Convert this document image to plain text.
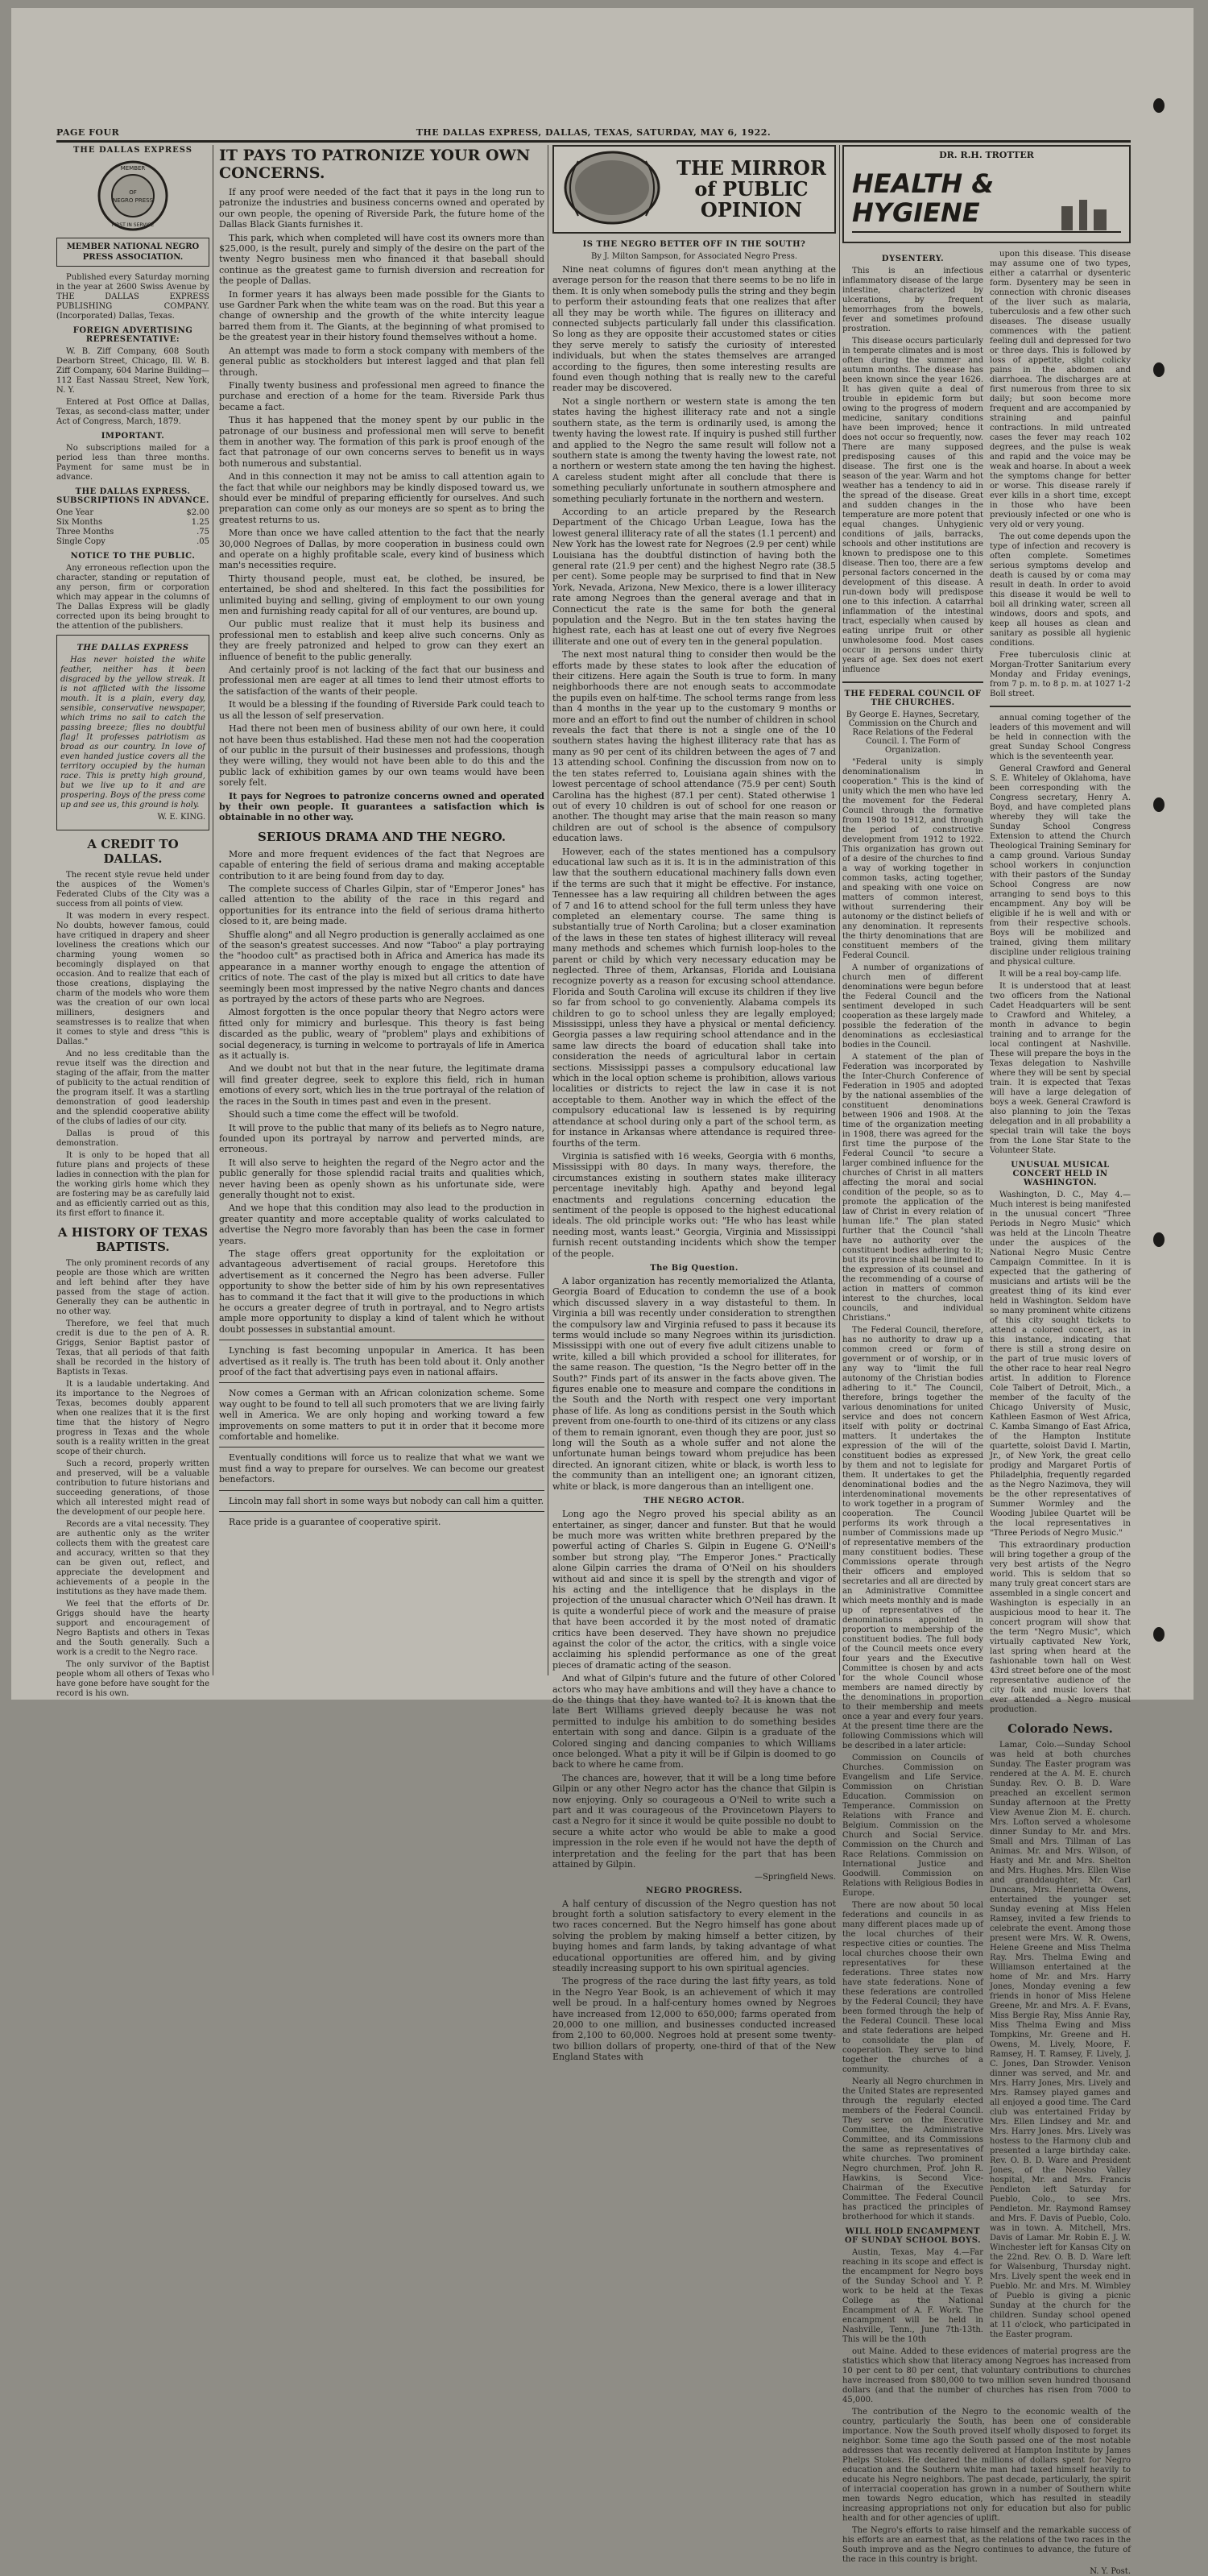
PAGE FOUR	THE DALLAS EXPRESS, DALLAS, TEXAS, SATURDAY, MAY 6, 1922.
THE DALLAS EXPRESS
MEMBER
OF
NEGRO PRESS
FIRST IN SERVICE
MEMBER NATIONAL NEGRO PRESS ASSOCIATION.

Published every Saturday morning in the year at 2600 Swiss Avenue by THE DALLAS EXPRESS PUBLISHING COMPANY. (Incorporated) Dallas, Texas.

FOREIGN ADVERTISING REPRESENTATIVE:

W. B. Ziff Company, 608 South Dearborn Street, Chicago, Ill. W. B. Ziff Company, 604 Marine Building—112 East Nassau Street, New York, N. Y.

Entered at Post Office at Dallas, Texas, as second-class matter, under Act of Congress, March, 1879.

IMPORTANT.

No subscriptions mailed for a period less than three months. Payment for same must be in advance.

THE DALLAS EXPRESS. SUBSCRIPTIONS IN ADVANCE.
One Year	$2.00
Six Months	1.25
Three Months	.75
Single Copy	.05
NOTICE TO THE PUBLIC.

Any erroneous reflection upon the character, standing or reputation of any person, firm or corporation which may appear in the columns of The Dallas Express will be gladly corrected upon its being brought to the attention of the publishers.

THE DALLAS EXPRESS

Has never hoisted the white feather, neither has it been disgraced by the yellow streak. It is not afflicted with the lissome mouth. It is a plain, every day, sensible, conservative newspaper, which trims no sail to catch the passing breeze; flies no doubtful flag! It professes patriotism as broad as our country. In love of even handed justice covers all the territory occupied by the human race. This is pretty high ground, but we live up to it and are prospering. Boys of the press come up and see us, this ground is holy.

W. E. KING.
A CREDIT TO DALLAS.

The recent style revue held under the auspices of the Women's Federated Clubs of the City was a success from all points of view.

It was modern in every respect. No doubts, however famous, could have critiqued in drapery and sheer loveliness the creations which our charming young women so becomingly displayed on that occasion. And to realize that each of those creations, displaying the charm of the models who wore them was the creation of our own local milliners, designers and seamstresses is to realize that when it comes to style and dress "this is Dallas."

And no less creditable than the revue itself was the direction and staging of the affair, from the matter of publicity to the actual rendition of the program itself. It was a startling demonstration of good leadership and the splendid cooperative ability of the clubs of ladies of our city.

Dallas is proud of this demonstration.

It is only to be hoped that all future plans and projects of these ladies in connection with the plan for the working girls home which they are fostering may be as carefully laid and as efficiently carried out as this, its first effort to finance it.

A HISTORY OF TEXAS BAPTISTS.

The only prominent records of any people are those which are written and left behind after they have passed from the stage of action. Generally they can be authentic in no other way.

Therefore, we feel that much credit is due to the pen of A. R. Griggs, Senior Baptist pastor of Texas, that all periods of that faith shall be recorded in the history of Baptists in Texas.

It is a laudable undertaking. And its importance to the Negroes of Texas, becomes doubly apparent when one realizes that it is the first time that the history of Negro progress in Texas and the whole south is a reality written in the great scope of their church.

Such a record, properly written and preserved, will be a valuable contribution to future historians and succeeding generations, of those which all interested might read of the development of our people here.

Records are a vital necessity. They are authentic only as the writer collects them with the greatest care and accuracy, written so that they can be given out, reflect, and appreciate the development and achievements of a people in the institutions as they have made them.

We feel that the efforts of Dr. Griggs should have the hearty support and encouragement of Negro Baptists and others in Texas and the South generally. Such a work is a credit to the Negro race.

The only survivor of the Baptist people whom all others of Texas who have gone before have sought for the record is his own.

IT PAYS TO PATRONIZE YOUR OWN CONCERNS.

If any proof were needed of the fact that it pays in the long run to patronize the industries and business concerns owned and operated by our own people, the opening of Riverside Park, the future home of the Dallas Black Giants furnishes it.

This park, which when completed will have cost its owners more than $25,000, is the result, purely and simply of the desire on the part of the twenty Negro business men who financed it that baseball should continue as the greatest game to furnish diversion and recreation for the people of Dallas.

In former years it has always been made possible for the Giants to use Gardner Park when the white team was on the road. But this year a change of ownership and the growth of the white intercity league barred them from it. The Giants, at the beginning of what promised to be the greatest year in their history found themselves without a home.

An attempt was made to form a stock company with members of the general public as stockholders but interest lagged and that plan fell through.

Finally twenty business and professional men agreed to finance the purchase and erection of a home for the team. Riverside Park thus became a fact.

Thus it has happened that the money spent by our public in the patronage of our business and professional men will serve to benefit them in another way. The formation of this park is proof enough of the fact that patronage of our own concerns serves to benefit us in ways both numerous and substantial.

And in this connection it may not be amiss to call attention again to the fact that while our neighbors may be kindly disposed toward us, we should ever be mindful of preparing efficiently for ourselves. And such preparation can come only as our moneys are so spent as to bring the greatest returns to us.

More than once we have called attention to the fact that the nearly 30,000 Negroes of Dallas, by more cooperation in business could own and operate on a highly profitable scale, every kind of business which man's necessities require.

Thirty thousand people, must eat, be clothed, be insured, be entertained, be shod and sheltered. In this fact the possibilities for unlimited buying and selling, giving of employment to our own young men and furnishing ready capital for all of our ventures, are bound up.

Our public must realize that it must help its business and professional men to establish and keep alive such concerns. Only as they are freely patronized and helped to grow can they exert an influence of benefit to the public generally.

And certainly proof is not lacking of the fact that our business and professional men are eager at all times to lend their utmost efforts to the satisfaction of the wants of their people.

It would be a blessing if the founding of Riverside Park could teach to us all the lesson of self preservation.

Had there not been men of business ability of our own here, it could not have been thus established. Had these men not had the cooperation of our public in the pursuit of their businesses and professions, though they were willing, they would not have been able to do this and the public lack of exhibition games by our own teams would have been sorely felt.

It pays for Negroes to patronize concerns owned and operated by their own people. It guarantees a satisfaction which is obtainable in no other way.

SERIOUS DRAMA AND THE NEGRO.

More and more frequent evidences of the fact that Negroes are capable of entering the field of serious drama and making acceptable contribution to it are being found from day to day.

The complete success of Charles Gilpin, star of "Emperor Jones" has called attention to the ability of the race in this regard and opportunities for its entrance into the field of serious drama hitherto closed to it, are being made.

Shuffle along" and all Negro production is generally acclaimed as one of the season's greatest successes. And now "Taboo" a play portraying the "hoodoo cult" as practised both in Africa and America has made its appearance in a manner worthy enough to engage the attention of critics of note. The cast of the play is mixed but all critics to date have seemingly been most impressed by the native Negro chants and dances as portrayed by the actors of these parts who are Negroes.

Almost forgotten is the once popular theory that Negro actors were fitted only for mimicry and burlesque. This theory is fast being discarded as the public, weary of "problem" plays and exhibitions of social degeneracy, is turning in welcome to portrayals of life in America as it actually is.

And we doubt not but that in the near future, the legitimate drama will find greater degree, seek to explore this field, rich in human emotions of every sort, which lies in the true portrayal of the relation of the races in the South in times past and even in the present.

Should such a time come the effect will be twofold.

It will prove to the public that many of its beliefs as to Negro nature, founded upon its portrayal by narrow and perverted minds, are erroneous.

It will also serve to heighten the regard of the Negro actor and the public generally for those splendid racial traits and qualities which, never having been as openly shown as his unfortunate side, were generally thought not to exist.

And we hope that this condition may also lead to the production in greater quantity and more acceptable quality of works calculated to advertise the Negro more favorably than has been the case in former years.

The stage offers great opportunity for the exploitation or advantageous advertisement of racial groups. Heretofore this advertisement as it concerned the Negro has been adverse. Fuller opportunity to show the better side of him by his own representatives has to command it the fact that it will give to the productions in which he occurs a greater degree of truth in portrayal, and to Negro artists ample more opportunity to display a kind of talent which he without doubt possesses in substantial amount.

Lynching is fast becoming unpopular in America. It has been advertised as it really is. The truth has been told about it. Only another proof of the fact that advertising pays even in national affairs.

Now comes a German with an African colonization scheme. Some way ought to be found to tell all such promoters that we are living fairly well in America. We are only hoping and working toward a few improvements on some matters to put it in order that it become more comfortable and homelike.

Eventually conditions will force us to realize that what we want we must find a way to prepare for ourselves. We can become our greatest benefactors.

Lincoln may fall short in some ways but nobody can call him a quitter.

Race pride is a guarantee of cooperative spirit.

THE MIRROR of PUBLIC OPINION
IS THE NEGRO BETTER OFF IN THE SOUTH?
By J. Milton Sampson, for Associated Negro Press.

Nine neat columns of figures don't mean anything at the average person for the reason that there seems to be no life in them. It is only when somebody pulls the string and they begin to perform their astounding feats that one realizes that after all they may be worth while. The figures on illiteracy and connected subjects particularly fall under this classification. So long as they are opposite their accustomed states or cities they serve merely to satisfy the curiosity of interested individuals, but when the states themselves are arranged according to the figures, then some interesting results are found even though nothing that is really new to the careful reader may be discovered.

Not a single northern or western state is among the ten states having the highest illiteracy rate and not a single southern state, as the term is ordinarily used, is among the twenty having the lowest rate. If inquiry is pushed still further and applied to the Negro the same result will follow not a southern state is among the twenty having the lowest rate, not a northern or western state among the ten having the highest. A careless student might after all conclude that there is something peculiarly unfortunate in southern atmosphere and something peculiarly fortunate in the northern and western.

According to an article prepared by the Research Department of the Chicago Urban League, Iowa has the lowest general illiteracy rate of all the states (1.1 percent) and New York has the lowest rate for Negroes (2.9 per cent) while Louisiana has the doubtful distinction of having both the general rate (21.9 per cent) and the highest Negro rate (38.5 per cent). Some people may be surprised to find that in New York, Nevada, Arizona, New Mexico, there is a lower illiteracy rate among Negroes than the general average and that in Connecticut the rate is the same for both the general population and the Negro. But in the ten states having the highest rate, each has at least one out of every five Negroes illiterate and one out of every ten in the general population.

The next most natural thing to consider then would be the efforts made by these states to look after the education of their citizens. Here again the South is true to form. In many neighborhoods there are not enough seats to accommodate the pupils even on half-time. The school terms range from less than 4 months in the year up to the customary 9 months or more and an effort to find out the number of children in school reveals the fact that there is not a single one of the 10 southern states having the highest illiteracy rate that has as many as 90 per cent of its children between the ages of 7 and 13 attending school. Confining the discussion from now on to the ten states referred to, Louisiana again shines with the lowest percentage of school attendance (75.9 per cent) South Carolina has the highest (87.1 per cent). Stated otherwise 1 out of every 10 children is out of school for one reason or another. The thought may arise that the main reason so many children are out of school is the absence of compulsory education laws.

However, each of the states mentioned has a compulsory educational law such as it is. It is in the administration of this law that the southern educational machinery falls down even if the terms are such that it might be effective. For instance, Tennessee has a law requiring all children between the ages of 7 and 16 to attend school for the full term unless they have completed an elementary course. The same thing is substantially true of North Carolina; but a closer examination of the laws in these ten states of highest illiteracy will reveal many methods and schemes which furnish loop-holes to the parent or child by which very necessary education may be neglected. Three of them, Arkansas, Florida and Louisiana recognize poverty as a reason for excusing school attendance. Florida and South Carolina will excuse its children if they live so far from school to go conveniently. Alabama compels its children to go to school unless they are legally employed; Mississippi, unless they have a physical or mental deficiency. Georgia passes a law requiring school attendance and in the same law directs the board of education shall take into consideration the needs of agricultural labor in certain sections. Mississippi passes a compulsory educational law which in the local option scheme is prohibition, allows various localities or districts to reject the law in case it is not acceptable to them. Another way in which the effect of the compulsory educational law is lessened is by requiring attendance at school during only a part of the school term, as for instance in Arkansas where attendance is required three-fourths of the term.

Virginia is satisfied with 16 weeks, Georgia with 6 months, Mississippi with 80 days. In many ways, therefore, the circumstances existing in southern states make illiteracy percentage inevitably high. Apathy and beyond legal enactments and regulations concerning education the sentiment of the people is opposed to the highest educational ideals. The old principle works out: "He who has least while needing most, wants least." Georgia, Virginia and Mississippi furnish recent outstanding incidents which show the temper of the people.

The Big Question.

A labor organization has recently memorialized the Atlanta, Georgia Board of Education to condemn the use of a book which discussed slavery in a way distasteful to them. In Virginia a bill was recently under consideration to strengthen the compulsory law and Virginia refused to pass it because its terms would include so many Negroes within its jurisdiction. Mississippi with one out of every five adult citizens unable to write, killed a bill which provided a school for illiterates, for the same reason. The question, "Is the Negro better off in the South?" Finds part of its answer in the facts above given. The figures enable one to measure and compare the conditions in the South and the North with respect one very important phase of life. As long as conditions persist in the South which prevent from one-fourth to one-third of its citizens or any class of them to remain ignorant, even though they are poor, just so long will the South as a whole suffer and not alone the unfortunate human beings toward whom prejudice has been directed. An ignorant citizen, white or black, is worth less to the community than an intelligent one; an ignorant citizen, white or black, is more dangerous than an intelligent one.

THE NEGRO ACTOR.

Long ago the Negro proved his special ability as an entertainer, as singer, dancer and funster. But that he would be much more was written white brethren prepared by the powerful acting of Charles S. Gilpin in Eugene G. O'Neill's somber but strong play, "The Emperor Jones." Practically alone Gilpin carries the drama of O'Neil on his shoulders without aid and since it is spell by the strength and vigor of his acting and the intelligence that he displays in the projection of the unusual character which O'Neil has drawn. It is quite a wonderful piece of work and the measure of praise that have been accorded it by the most noted of dramatic critics have been deserved. They have shown no prejudice against the color of the actor, the critics, with a single voice acclaiming his splendid performance as one of the great pieces of dramatic acting of the season.

And what of Gilpin's future and the future of other Colored actors who may have ambitions and will they have a chance to do the things that they have wanted to? It is known that the late Bert Williams grieved deeply because he was not permitted to indulge his ambition to do something besides entertain with song and dance. Gilpin is a graduate of the Colored singing and dancing companies to which Williams once belonged. What a pity it will be if Gilpin is doomed to go back to where he came from.

The chances are, however, that it will be a long time before Gilpin or any other Negro actor has the chance that Gilpin is now enjoying. Only so courageous a O'Neil to write such a part and it was courageous of the Provincetown Players to cast a Negro for it since it would be quite possible no doubt to secure a white actor who would be able to make a good impression in the role even if he would not have the depth of interpretation and the feeling for the part that has been attained by Gilpin.

—Springfield News.
NEGRO PROGRESS.

A half century of discussion of the Negro question has not brought forth a solution satisfactory to every element in the two races concerned. But the Negro himself has gone about solving the problem by making himself a better citizen, by buying homes and farm lands, by taking advantage of what educational opportunities are offered him, and by giving steadily increasing support to his own spiritual agencies.

The progress of the race during the last fifty years, as told in the Negro Year Book, is an achievement of which it may well be proud. In a half-century homes owned by Negroes have increased from 12,000 to 650,000; farms operated from 20,000 to one million, and businesses conducted increased from 2,100 to 60,000. Negroes hold at present some twenty-two billion dollars of property, one-third of that of the New England States with

DR. R.H. TROTTER
HEALTH & HYGIENE
DYSENTERY.

This is an infectious inflammatory disease of the large intestine, characterized by ulcerations, by frequent hemorrhages from the bowels, fever and sometimes profound prostration.

This disease occurs particularly in temperate climates and is most often during the summer and autumn months. The disease has been known since the year 1626. It has given quite a deal of trouble in epidemic form but owing to the progress of modern medicine, sanitary conditions have been improved; hence it does not occur so frequently, now. There are many supposed predisposing causes of this disease. The first one is the season of the year. Warm and hot weather has a tendency to aid in the spread of the disease. Great and sudden changes in the temperature are more potent that equal changes. Unhygienic conditions of jails, barracks, schools and other institutions are known to predispose one to this disease. Then too, there are a few personal factors concerned in the development of this disease. A run-down body will predispose one to this infection. A catarrhal inflammation of the intestinal tract, especially when caused by eating unripe fruit or other unwholesome food. Most cases occur in persons under thirty years of age. Sex does not exert influence

THE FEDERAL COUNCIL OF THE CHURCHES.
By George E. Haynes, Secretary, Commission on the Church and Race Relations of the Federal Council. I. The Form of Organization.

"Federal unity is simply denominationalism in cooperation." This is the kind of unity which the men who have led the movement for the Federal Council through the formative from 1908 to 1912, and through the period of constructive development from 1912 to 1922. This organization has grown out of a desire of the churches to find a way of working together in common tasks, acting together, and speaking with one voice on matters of common interest, without surrendering their autonomy or the distinct beliefs of any denomination. It represents the thirty denominations that are constituent members of the Federal Council.

A number of organizations of church men of different denominations were begun before the Federal Council and the sentiment developed in such cooperation as these largely made possible the federation of the denominations as ecclesiastical bodies in the Council.

A statement of the plan of Federation was incorporated by the Inter-Church Conference of Federation in 1905 and adopted by the national assemblies of the constituent denominations between 1906 and 1908. At the time of the organization meeting in 1908, there was agreed for the first time the purpose of the Federal Council "to secure a larger combined influence for the churches of Christ in all matters affecting the moral and social condition of the people, so as to promote the application of the law of Christ in every relation of human life." The plan stated further that the Council "shall have no authority over the constituent bodies adhering to it; but its province shall be limited to the expression of its counsel and the recommending of a course of action in matters of common interest to the churches, local councils, and individual Christians."

The Federal Council, therefore, has no authority to draw up a common creed or form of government or of worship, or in any way to "limit the full autonomy of the Christian bodies adhering to it." The Council, therefore, brings together the various denominations for united service and does not concern itself with polity or doctrinal matters. It undertakes the expression of the will of the constituent bodies as expressed by them and not to legislate for them. It undertakes to get the denominational bodies and the interdenominational movements to work together in a program of cooperation. The Council performs its work through a number of Commissions made up of representative members of the many constituent bodies. These Commissions operate through their officers and employed secretaries and all are directed by an Administrative Committee which meets monthly and is made up of representatives of the denominations appointed in proportion to membership of the constituent bodies. The full body of the Council meets once every four years and the Executive Committee is chosen by and acts for the whole Council whose members are named directly by the denominations in proportion to their membership and meets once a year and every four years. At the present time there are the following Commissions which will be described in a later article:

Commission on Councils of Churches. Commission on Evangelism and Life Service. Commission on Christian Education. Commission on Temperance. Commission on Relations with France and Belgium. Commission on the Church and Social Service. Commission on the Church and Race Relations. Commission on International Justice and Goodwill. Commission on Relations with Religious Bodies in Europe.

There are now about 50 local federations and councils in as many different places made up of the local churches of their respective cities or counties. The local churches choose their own representatives for these federations. Three states now have state federations. None of these federations are controlled by the Federal Council; they have been formed through the help of the Federal Council. These local and state federations are helped to consolidate the plan of cooperation. They serve to bind together the churches of a community.

Nearly all Negro churchmen in the United States are represented through the regularly elected members of the Federal Council. They serve on the Executive Committee, the Administrative Committee, and its Commissions the same as representatives of white churches. Two prominent Negro churchmen, Prof. John R. Hawkins, is Second Vice-Chairman of the Executive Committee. The Federal Council has practiced the principles of brotherhood for which it stands.

WILL HOLD ENCAMPMENT OF SUNDAY SCHOOL BOYS.

Austin, Texas, May 4.—Far reaching in its scope and effect is the encampment for Negro boys of the Sunday School and Y. P. work to be held at the Texas College as the National Encampment of A. F. Work. The encampment will be held in Nashville, Tenn., June 7th-13th. This will be the 10th

upon this disease. This disease may assume one of two types, either a catarrhal or dysenteric form. Dysentery may be seen in connection with chronic diseases of the liver such as malaria, tuberculosis and a few other such diseases. The disease usually commences with the patient feeling dull and depressed for two or three days. This is followed by loss of appetite, slight colicky pains in the abdomen and diarrhoea. The discharges are at first numerous from three to six daily; but soon become more frequent and are accompanied by straining and painful contractions. In mild untreated cases the fever may reach 102 degrees, and the pulse is weak and rapid and the voice may be weak and hoarse. In about a week the symptoms change for better or worse. This disease rarely if ever kills in a short time, except in those who have been previously infected or one who is very old or very young.

The out come depends upon the type of infection and recovery is often complete. Sometimes serious symptoms develop and death is caused by or coma may result in death. In order to avoid this disease it would be well to boil all drinking water, screen all windows, doors and spots, and keep all houses as clean and sanitary as possible all hygienic conditions.

Free tuberculosis clinic at Morgan-Trotter Sanitarium every Monday and Friday evenings, from 7 p. m. to 8 p. m. at 1027 1-2 Boll street.

annual coming together of the leaders of this movement and will be held in connection with the great Sunday School Congress which is the seventeenth year.

General Crawford and General S. E. Whiteley of Oklahoma, have been corresponding with the Congress secretary, Henry A. Boyd, and have completed plans whereby they will take the Sunday School Congress Extension to attend the Church Theological Training Seminary for a camp ground. Various Sunday school workers in conjunction with their pastors of the Sunday School Congress are now arranging to send boys to this encampment. Any boy will be eligible if he is well and with or from their respective schools. Boys will be mobilized and trained, giving them military discipline under religious training and physical culture.

It will be a real boy-camp life.

It is understood that at least two officers from the National Cadet Headquarters will be sent to Crawford and Whiteley, a month in advance to begin training and to arrange for the local contingent at Nashville. These will prepare the boys in the Texas delegation to Nashville where they will be sent by special train. It is expected that Texas will have a large delegation of boys a week. General Crawford is also planning to join the Texas delegation and in all probability a special train will take the boys from the Lone Star State to the Volunteer State.

UNUSUAL MUSICAL CONCERT HELD IN WASHINGTON.

Washington, D. C., May 4.—Much interest is being manifested in the unusual concert "Three Periods in Negro Music" which was held at the Lincoln Theatre under the auspices of the National Negro Music Centre Campaign Committee. In it is expected that the gathering of musicians and artists will be the greatest thing of its kind ever held in Washington. Seldom have so many prominent white citizens of this city sought tickets to attend a colored concert, as in this instance, indicating that there is still a strong desire on the part of true music lovers of the other race to hear real Negro artist. In addition to Florence Cole Talbert of Detroit, Mich., a member of the faculty of the Chicago University of Music, Kathleen Easmon of West Africa, C. Kamba Simango of East Africa, of the Hampton Institute quartette, soloist David I. Martin, Jr., of New York, the great cello prodigy and Margaret Portis of Philadelphia, frequently regarded as the Negro Nazimova, they will be the other representatives of Summer Wormley and the Wooding Jubilee Quartet will be the local representatives in "Three Periods of Negro Music."

This extraordinary production will bring together a group of the very best artists of the Negro world. This is seldom that so many truly great concert stars are assembled in a single concert and Washington is especially in an auspicious mood to hear it. The concert program will show that the term "Negro Music", which virtually captivated New York, last spring when heard at the fashionable town hall on West 43rd street before one of the most representative audience of the city folk and music lovers that ever attended a Negro musical production.

Colorado News.

Lamar, Colo.—Sunday School was held at both churches Sunday. The Easter program was rendered at the A. M. E. church Sunday. Rev. O. B. D. Ware preached an excellent sermon Sunday afternoon at the Pretty View Avenue Zion M. E. church. Mrs. Lofton served a wholesome dinner Sunday to Mr. and Mrs. Small and Mrs. Tillman of Las Animas. Mr. and Mrs. Wilson, of Hasty and Mr. and Mrs. Shelton and Mrs. Hughes. Mrs. Ellen Wise and granddaughter, Mr. Carl Duncans, Mrs. Henrietta Owens, entertained the younger set Sunday evening at Miss Helen Ramsey, invited a few friends to celebrate the event. Among those present were Mrs. W. R. Owens, Helene Greene and Miss Thelma Ray. Mrs. Thelma Ewing and Williamson entertained at the home of Mr. and Mrs. Harry Jones, Monday evening a few friends in honor of Miss Helene Greene, Mr. and Mrs. A. F. Evans, Miss Bergie Ray, Miss Annie Ray, Miss Thelma Ewing and Miss Tompkins, Mr. Greene and H. Owens, M. Lively, Moore, F. Ramsey, H. T. Ramsey, F. Lively, J. C. Jones, Dan Strowder. Venison dinner was served, and Mr. and Mrs. Harry Jones, Mrs. Lively and Mrs. Ramsey played games and all enjoyed a good time. The Card club was entertained Friday by Mrs. Ellen Lindsey and Mr. and Mrs. Harry Jones. Mrs. Lively was hostess to the Harmony club and presented a large birthday cake. Rev. O. B. D. Ware and President Jones, of the Neosho Valley hospital, Mr. and Mrs. Francis Pendleton left Saturday for Pueblo, Colo., to see Mrs. Pendleton. Mr. Raymond Ramsey and Mrs. F. Davis of Pueblo, Colo. was in town. A. Mitchell, Mrs. Davis of Lamar. Mr. Robin E. J. W. Winchester left for Kansas City on the 22nd. Rev. O. B. D. Ware left for Walsenburg, Thursday night. Mrs. Lively spent the week end in Pueblo. Mr. and Mrs. M. Wimbley of Pueblo is giving a picnic Sunday at the church for the children. Sunday school opened at 11 o'clock, who participated in the Easter program.

out Maine. Added to these evidences of material progress are the statistics which show that literacy among Negroes has increased from 10 per cent to 80 per cent, that voluntary contributions to churches have increased from $80,000 to two million seven hundred thousand dollars (and that the number of churches has risen from 7000 to 45,000.

The contribution of the Negro to the economic wealth of the country, particularly the South, has been one of considerable importance. Now the South proved itself wholly disposed to forget its neighbor. Some time ago the South passed one of the most notable addresses that was recently delivered at Hampton Institute by James Phelps Stokes. He declared the millions of dollars spent for Negro education and the Southern white man had taxed himself heavily to educate his Negro neighbors. The past decade, particularly, the spirit of interracial cooperation has grown in a number of Southern white men towards Negro education, which has resulted in steadily increasing appropriations not only for education but also for public health and for other agencies of uplift.

The Negro's efforts to raise himself and the remarkable success of his efforts are an earnest that, as the relations of the two races in the South improve and as the Negro continues to advance, the future of the race in this country is bright.

N. Y. Post.
